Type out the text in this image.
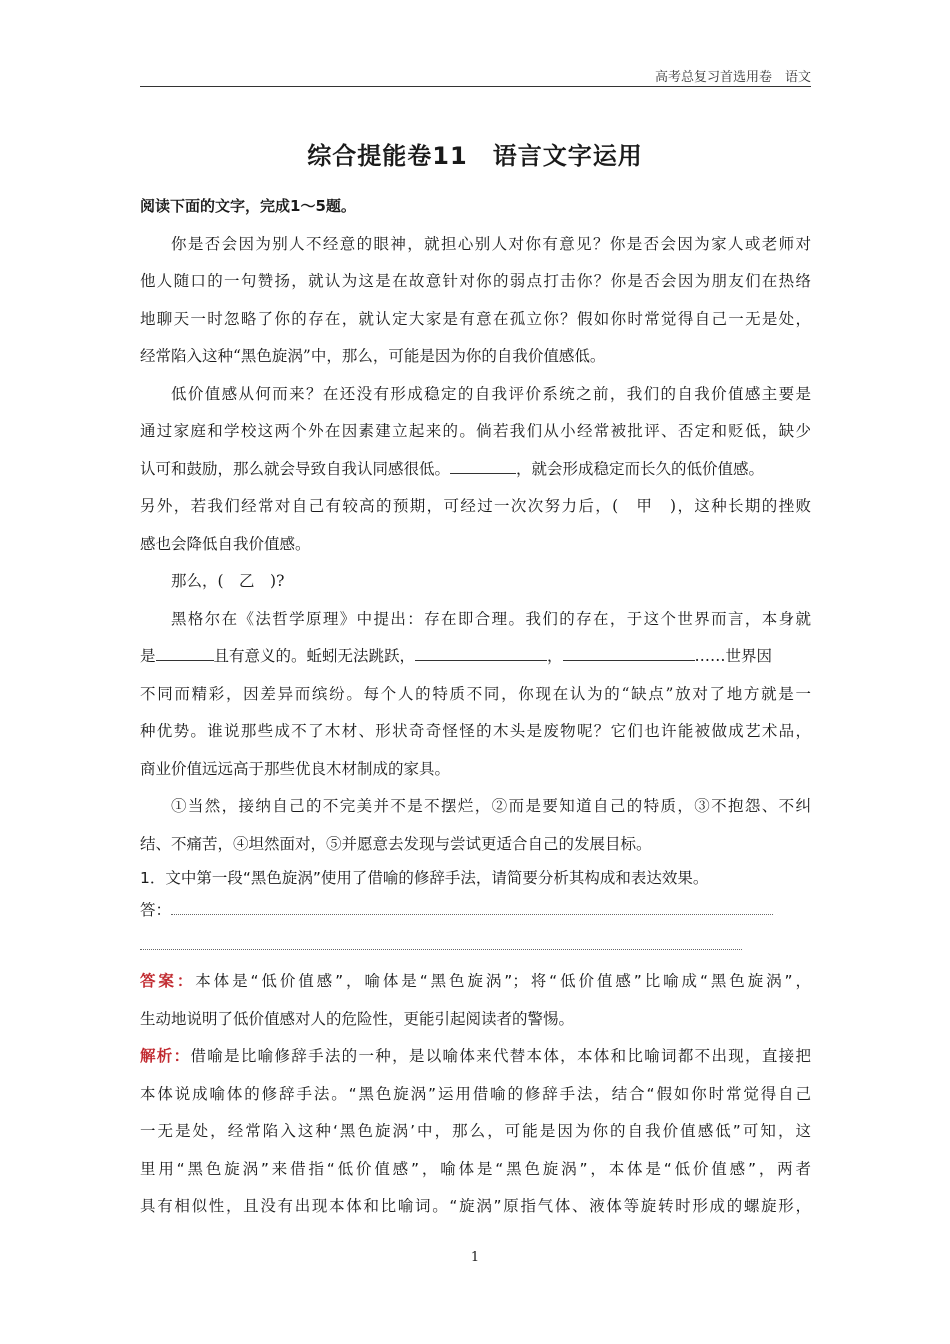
高考总复习首选用卷　语文
综合提能卷11　语言文字运用
阅读下面的文字，完成1～5题。
你是否会因为别人不经意的眼神，就担心别人对你有意见？你是否会因为家人或老师对
他人随口的一句赞扬，就认为这是在故意针对你的弱点打击你？你是否会因为朋友们在热络
地聊天一时忽略了你的存在，就认定大家是有意在孤立你？假如你时常觉得自己一无是处，
经常陷入这种“黑色旋涡”中，那么，可能是因为你的自我价值感低。
低价值感从何而来？在还没有形成稳定的自我评价系统之前，我们的自我价值感主要是
通过家庭和学校这两个外在因素建立起来的。倘若我们从小经常被批评、否定和贬低，缺少
认可和鼓励，那么就会导致自我认同感很低。	，就会形成稳定而长久的低价值感。
另外，若我们经常对自己有较高的预期，可经过一次次努力后，(　甲　)，这种长期的挫败
感也会降低自我价值感。
那么，(　乙　)?
黑格尔在《法哲学原理》中提出：存在即合理。我们的存在，于这个世界而言，本身就
是	且有意义的。蚯蚓无法跳跃，	，	……世界因
不同而精彩，因差异而缤纷。每个人的特质不同，你现在认为的“缺点”放对了地方就是一
种优势。谁说那些成不了木材、形状奇奇怪怪的木头是废物呢？它们也许能被做成艺术品，
商业价值远远高于那些优良木材制成的家具。
①当然，接纳自己的不完美并不是不摆烂，②而是要知道自己的特质，③不抱怨、不纠
结、不痛苦，④坦然面对，⑤并愿意去发现与尝试更适合自己的发展目标。
1．文中第一段“黑色旋涡”使用了借喻的修辞手法，请简要分析其构成和表达效果。
答：
答案：本体是“低价值感”，喻体是“黑色旋涡”；将“低价值感”比喻成“黑色旋涡”，
生动地说明了低价值感对人的危险性，更能引起阅读者的警惕。
解析：借喻是比喻修辞手法的一种，是以喻体来代替本体，本体和比喻词都不出现，直接把
本体说成喻体的修辞手法。“黑色旋涡”运用借喻的修辞手法，结合“假如你时常觉得自己
一无是处，经常陷入这种‘黑色旋涡’中，那么，可能是因为你的自我价值感低”可知，这
里用“黑色旋涡”来借指“低价值感”，喻体是“黑色旋涡”，本体是“低价值感”，两者
具有相似性，且没有出现本体和比喻词。“旋涡”原指气体、液体等旋转时形成的螺旋形，
1
